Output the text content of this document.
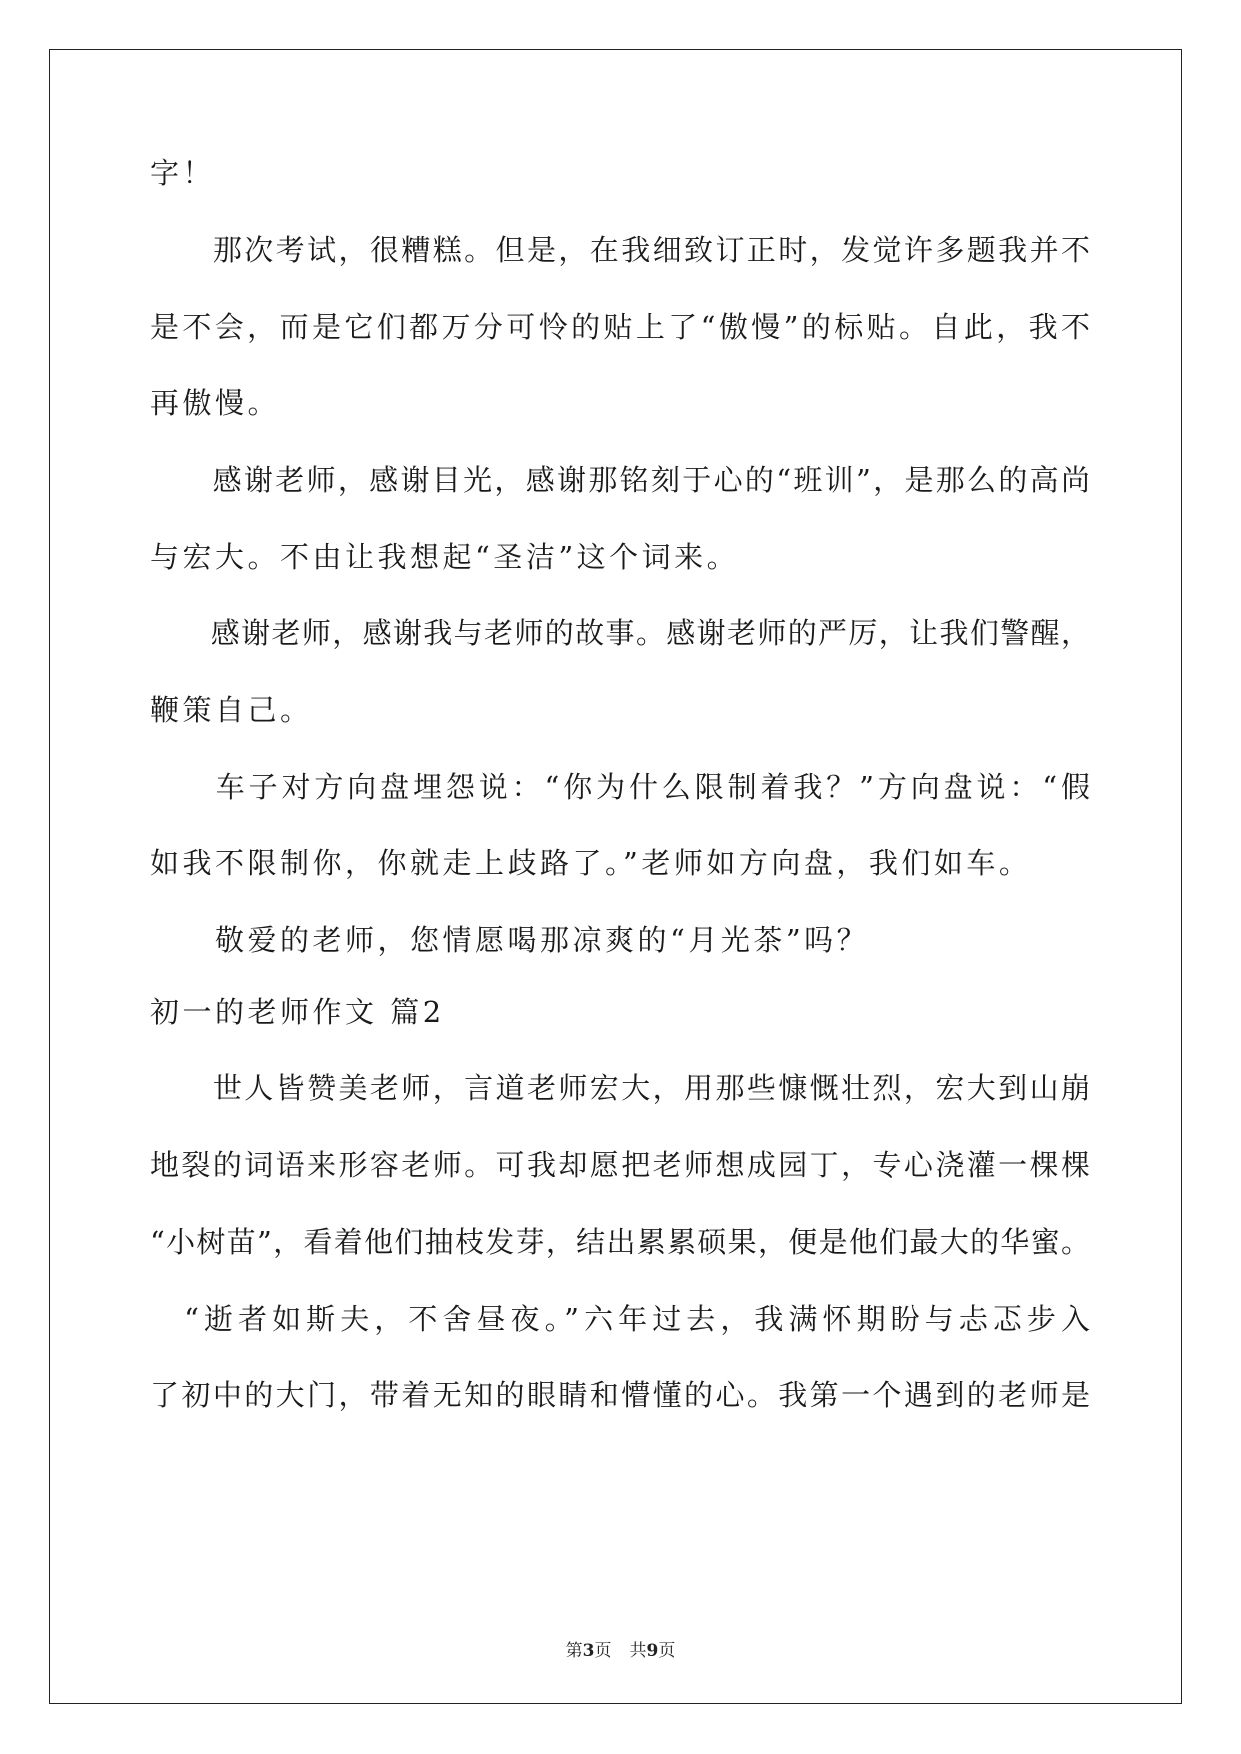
字！
　　那次考试，很糟糕。但是，在我细致订正时，发觉许多题我并不
是不会，而是它们都万分可怜的贴上了“傲慢”的标贴。自此，我不
再傲慢。
　　感谢老师，感谢目光，感谢那铭刻于心的“班训”，是那么的高尚
与宏大。不由让我想起“圣洁”这个词来。
　　感谢老师，感谢我与老师的故事。感谢老师的严厉，让我们警醒，
鞭策自己。
　　车子对方向盘埋怨说：“你为什么限制着我？”方向盘说：“假
如我不限制你，你就走上歧路了。”老师如方向盘，我们如车。
　　敬爱的老师，您情愿喝那凉爽的“月光茶”吗？
初一的老师作文 篇2
　　世人皆赞美老师，言道老师宏大，用那些慷慨壮烈，宏大到山崩
地裂的词语来形容老师。可我却愿把老师想成园丁，专心浇灌一棵棵
“小树苗”，看着他们抽枝发芽，结出累累硕果，便是他们最大的华蜜。
　“逝者如斯夫，不舍昼夜。”六年过去，我满怀期盼与忐忑步入
了初中的大门，带着无知的眼睛和懵懂的心。我第一个遇到的老师是
第3页 共9页
